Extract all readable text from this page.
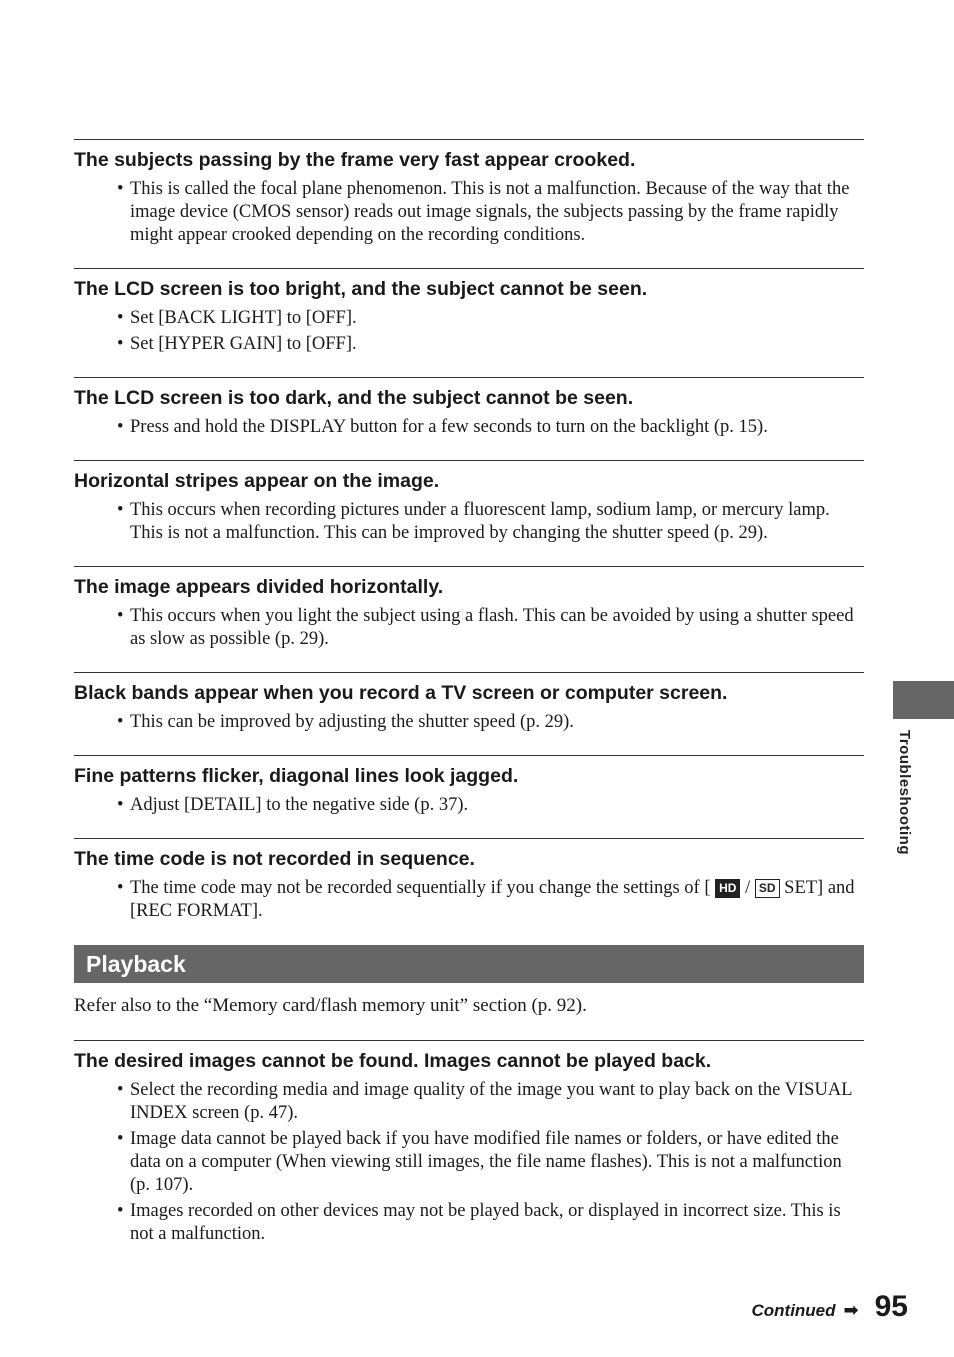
Troubleshooting
The subjects passing by the frame very fast appear crooked.
• This is called the focal plane phenomenon. This is not a malfunction. Because of the way that the image device (CMOS sensor) reads out image signals, the subjects passing by the frame rapidly might appear crooked depending on the recording conditions.
The LCD screen is too bright, and the subject cannot be seen.
• Set [BACK LIGHT] to [OFF].
• Set [HYPER GAIN] to [OFF].
The LCD screen is too dark, and the subject cannot be seen.
• Press and hold the DISPLAY button for a few seconds to turn on the backlight (p. 15).
Horizontal stripes appear on the image.
• This occurs when recording pictures under a fluorescent lamp, sodium lamp, or mercury lamp. This is not a malfunction. This can be improved by changing the shutter speed (p. 29).
The image appears divided horizontally.
• This occurs when you light the subject using a flash. This can be avoided by using a shutter speed as slow as possible (p. 29).
Black bands appear when you record a TV screen or computer screen.
• This can be improved by adjusting the shutter speed (p. 29).
Fine patterns flicker, diagonal lines look jagged.
• Adjust [DETAIL] to the negative side (p. 37).
The time code is not recorded in sequence.
• The time code may not be recorded sequentially if you change the settings of [ HD / SD SET] and [REC FORMAT].
Playback

Refer also to the “Memory card/flash memory unit” section (p. 92).

The desired images cannot be found. Images cannot be played back.
• Select the recording media and image quality of the image you want to play back on the VISUAL INDEX screen (p. 47).
• Image data cannot be played back if you have modified file names or folders, or have edited the data on a computer (When viewing still images, the file name flashes). This is not a malfunction (p. 107).
• Images recorded on other devices may not be played back, or displayed in incorrect size. This is not a malfunction.
Continued ➡ 95
